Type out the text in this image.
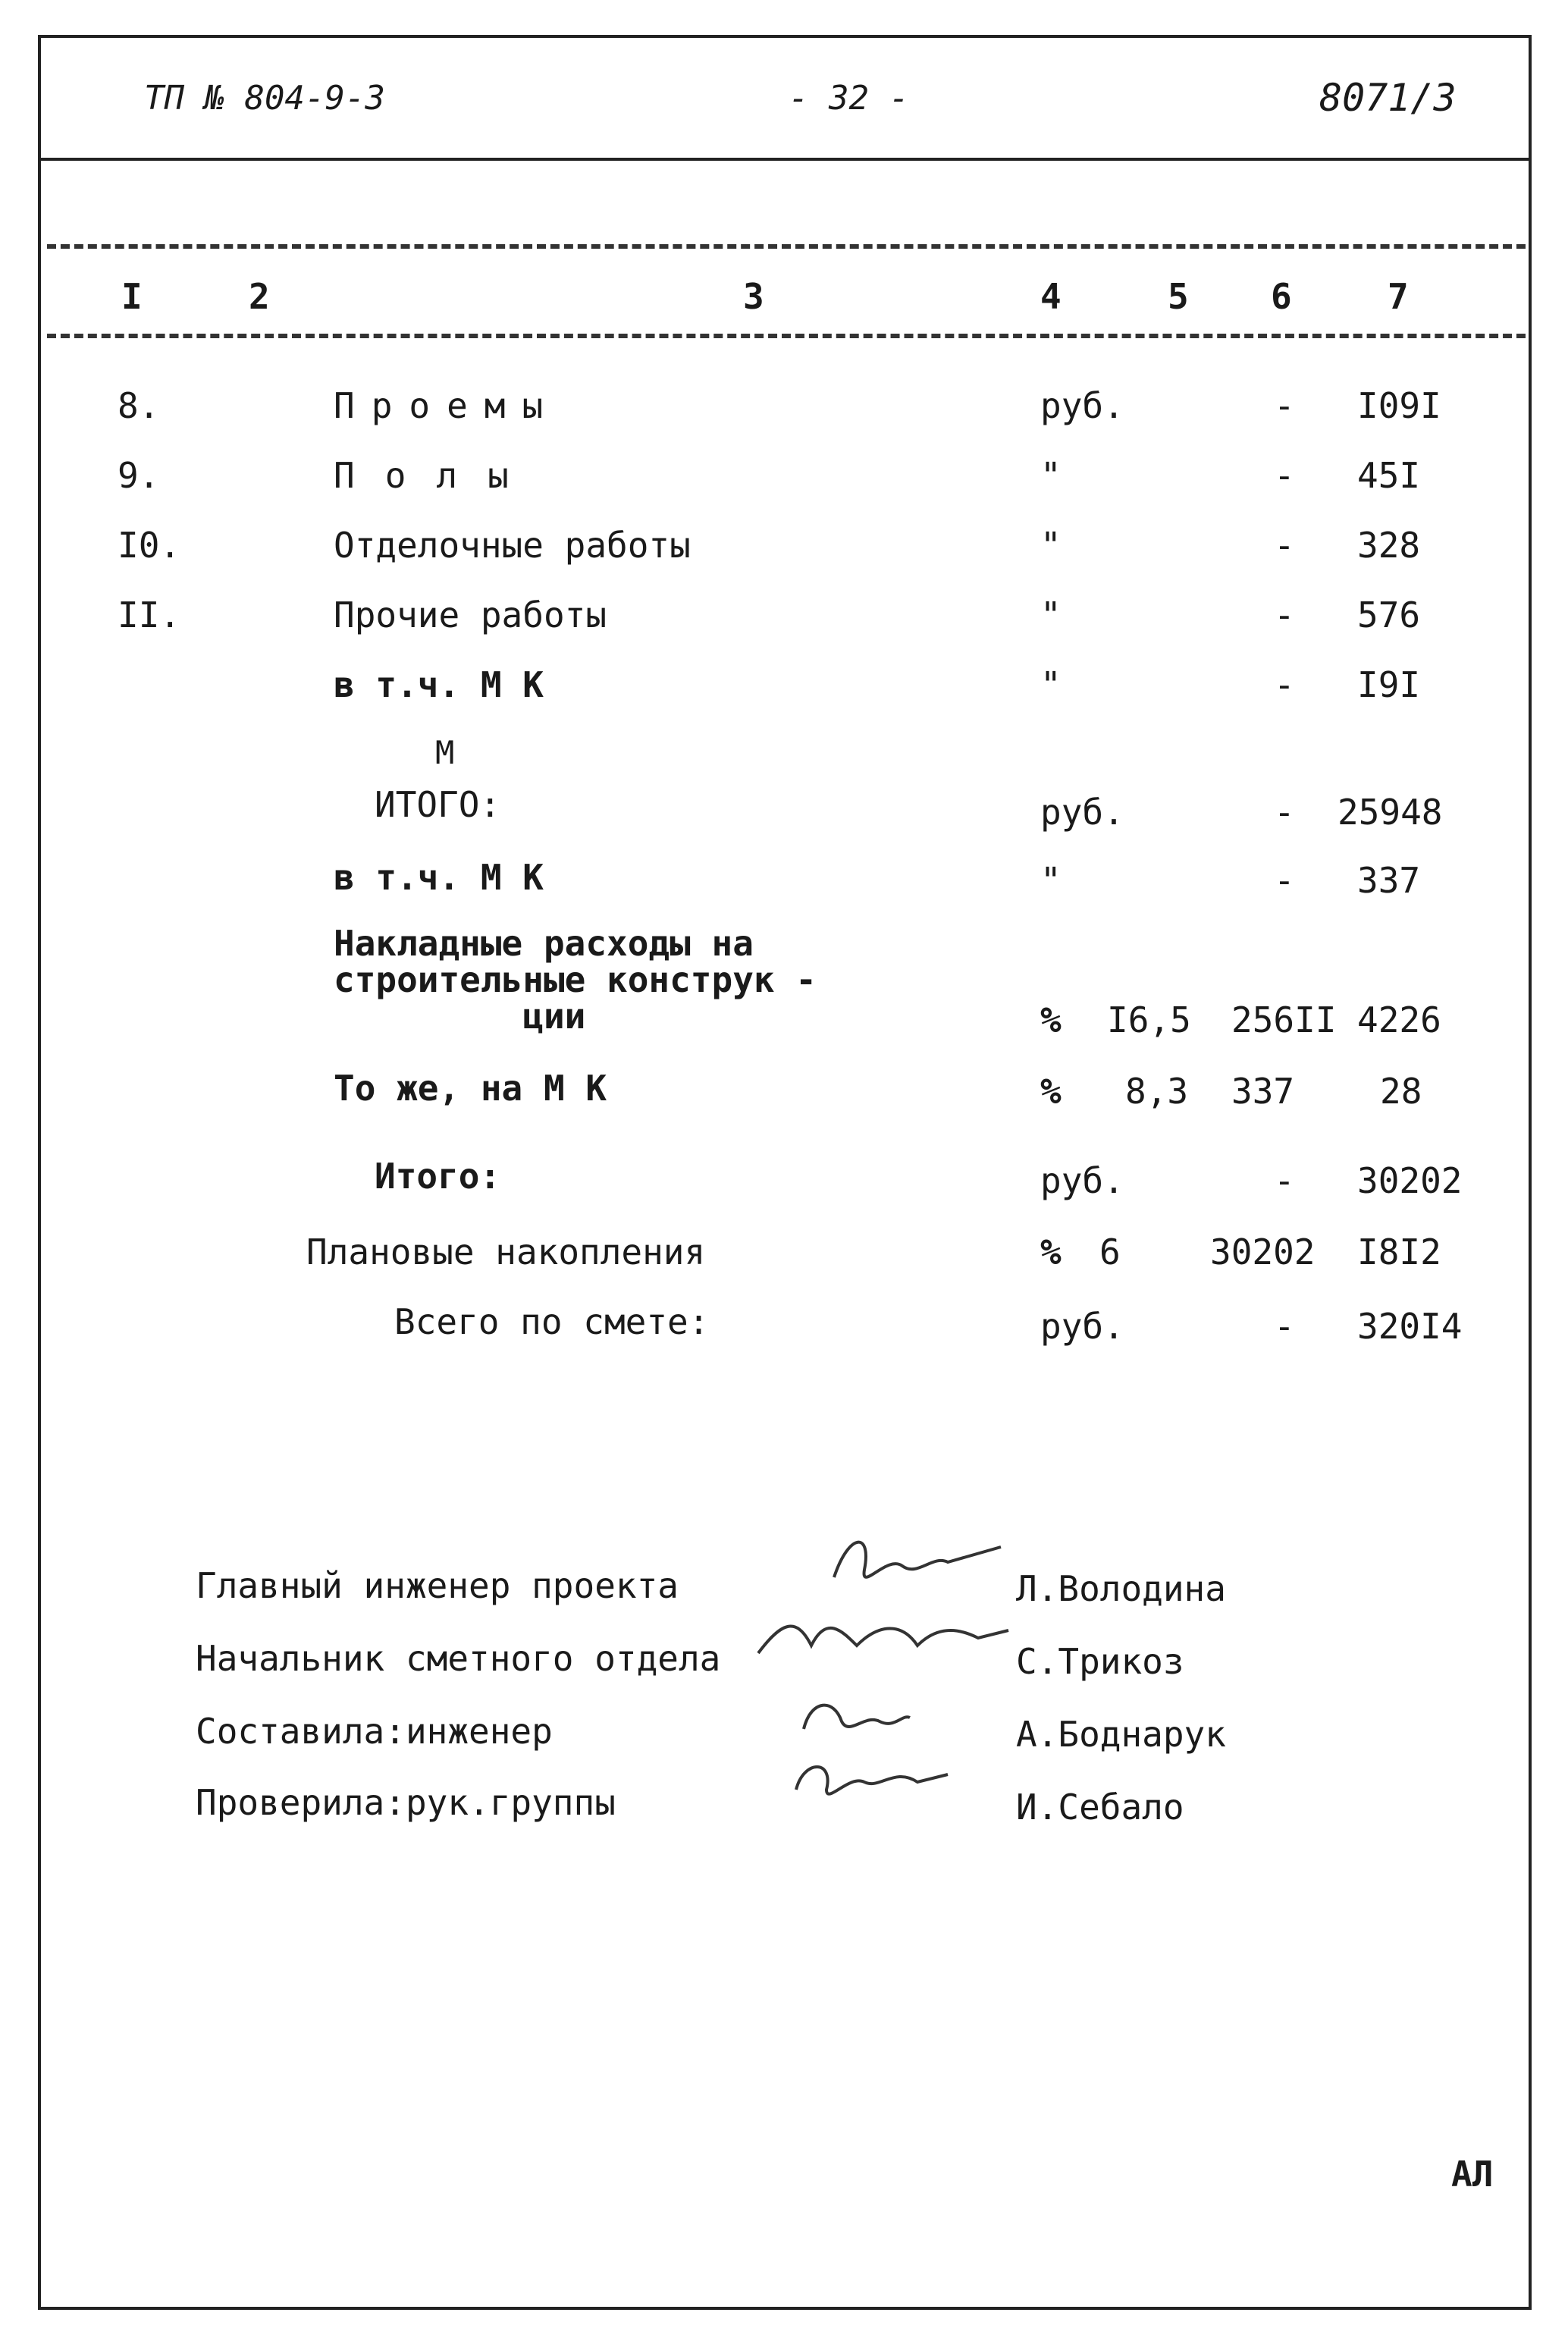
ТП № 804-9-3	- 32 -	8071/3
I	2	3	4	5 6	7
8.	Проемы	руб.	- I09I
9.	Полы	"	- 45I
I0.	Отделочные работы	"	- 328
II.	Прочие работы	"	- 576
в т.ч. М К	"	- I9I
М
ИТОГО:	руб.	- 25948
в т.ч. М К	"	- 337
Накладные расходы на
строительные конструк -
ции	% I6,5 256II 4226
То же, на М К	% 8,3 337 28
Итого:	руб.	- 30202
Плановые накопления	% 6	30202 I8I2
Всего по смете:	руб.	- 320I4
Главный инженер проекта	Л.Володина
Начальник сметного отдела	С.Трикоз
Составила:инженер	А.Боднарук
Проверила:рук.группы	И.Себало
АЛ
